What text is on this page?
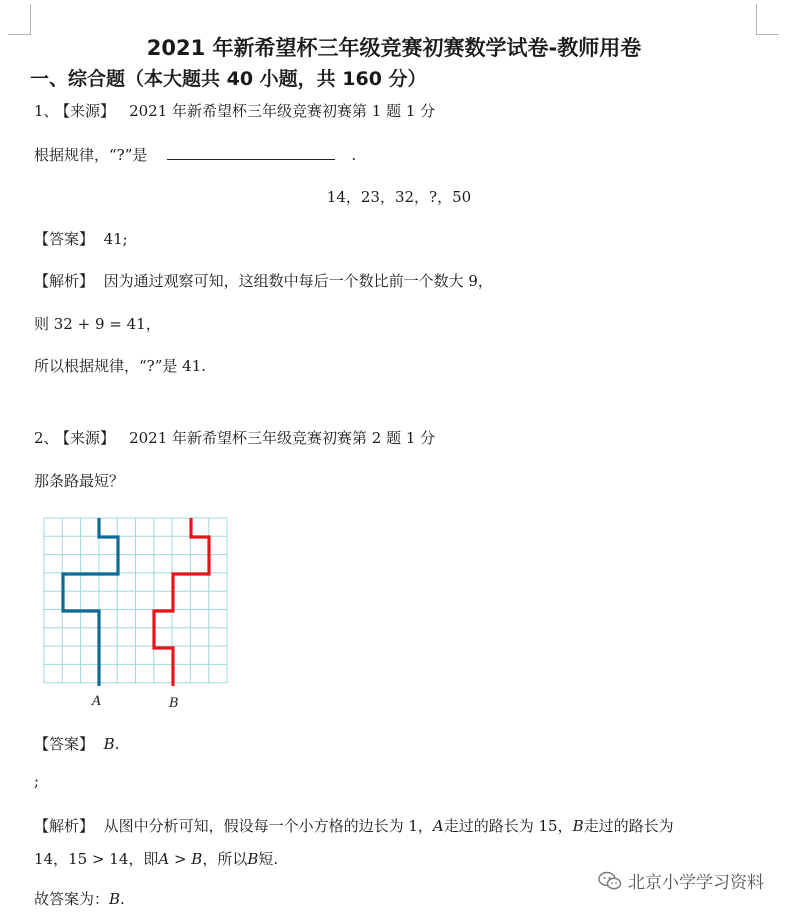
2021 年新希望杯三年级竞赛初赛数学试卷-教师用卷
一、综合题（本大题共 40 小题，共 160 分）
1、 【来源】 2021 年新希望杯三年级竞赛初赛第 1 题 1 分
根据规律，“?”是	.
14，23，32，?，50
【答案】 41;
【解析】 因为通过观察可知，这组数中每后一个数比前一个数大 9，
则 32 + 9 = 41，
所以根据规律，“?”是 41.
2、 【来源】 2021 年新希望杯三年级竞赛初赛第 2 题 1 分
那条路最短？
A	B
【答案】 B.
;
【解析】 从图中分析可知，假设每一个小方格的边长为 1，A走过的路长为 15，B走过的路长为
14，15 > 14，即A > B，所以B短.
故答案为：B.
北京小学学习资料
